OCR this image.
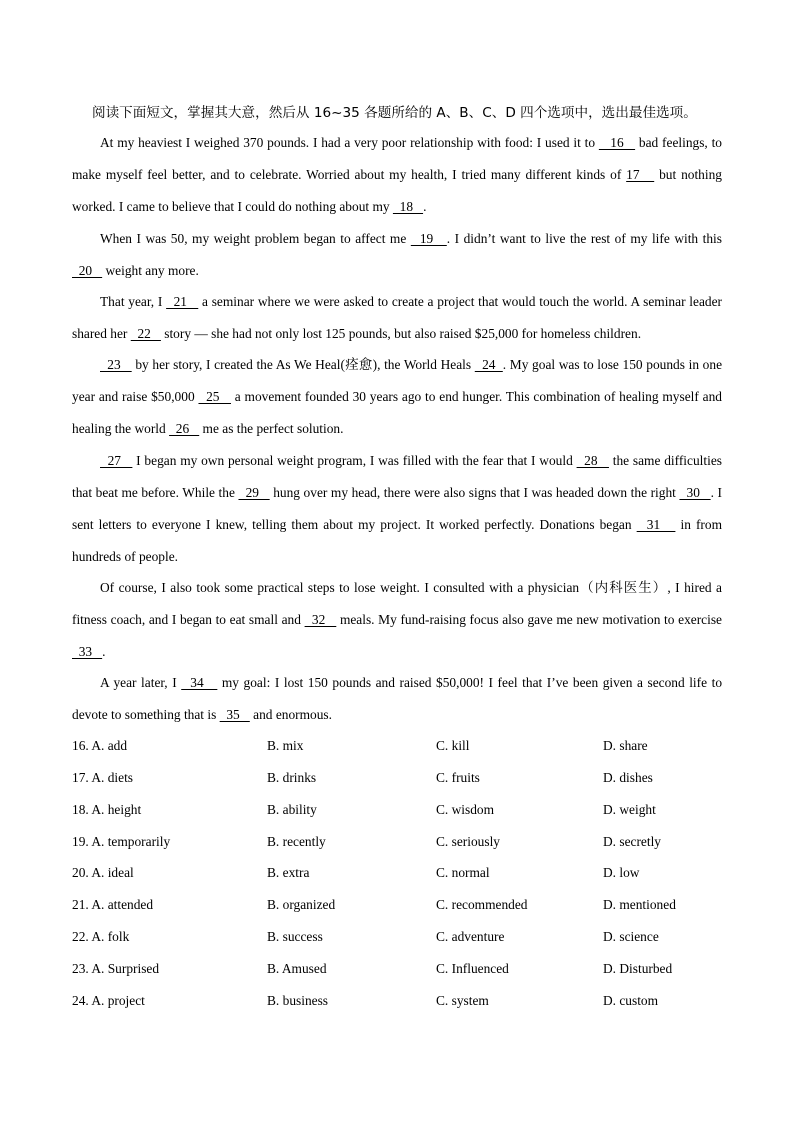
阅读下面短文，掌握其大意，然后从 16~35 各题所给的 A、B、C、D 四个选项中，选出最佳选项。

At my heaviest I weighed 370 pounds. I had a very poor relationship with food: I used it to    16    bad feelings, to make myself feel better, and to celebrate. Worried about my health, I tried many different kinds of 17    but nothing worked. I came to believe that I could do nothing about my   18   .

When I was 50, my weight problem began to affect me   19   . I didn’t want to live the rest of my life with this   20    weight any more.

That year, I   21    a seminar where we were asked to create a project that would touch the world. A seminar leader shared her   22    story — she had not only lost 125 pounds, but also raised $25,000 for homeless children.

23    by her story, I created the As We Heal(痊愈), the World Heals   24  . My goal was to lose 150 pounds in one year and raise $50,000   25    a movement founded 30 years ago to end hunger. This combination of healing myself and healing the world   26    me as the perfect solution.

27    I began my own personal weight program, I was filled with the fear that I would   28    the same difficulties that beat me before. While the   29    hung over my head, there were also signs that I was headed down the right   30   . I sent letters to everyone I knew, telling them about my project. It worked perfectly. Donations began   31    in from hundreds of people.

Of course, I also took some practical steps to lose weight. I consulted with a physician（内科医生）, I hired a fitness coach, and I began to eat small and   32    meals. My fund-raising focus also gave me new motivation to exercise   33   .

A year later, I   34    my goal: I lost 150 pounds and raised $50,000! I feel that I’ve been given a second life to devote to something that is   35    and enormous.

16. A. add	B. mix	C. kill	D. share
17. A. diets	B. drinks	C. fruits	D. dishes
18. A. height	B. ability	C. wisdom	D. weight
19. A. temporarily	B. recently	C. seriously	D. secretly
20. A. ideal	B. extra	C. normal	D. low
21. A. attended	B. organized	C. recommended	D. mentioned
22. A. folk	B. success	C. adventure	D. science
23. A. Surprised	B. Amused	C. Influenced	D. Disturbed
24. A. project	B. business	C. system	D. custom
